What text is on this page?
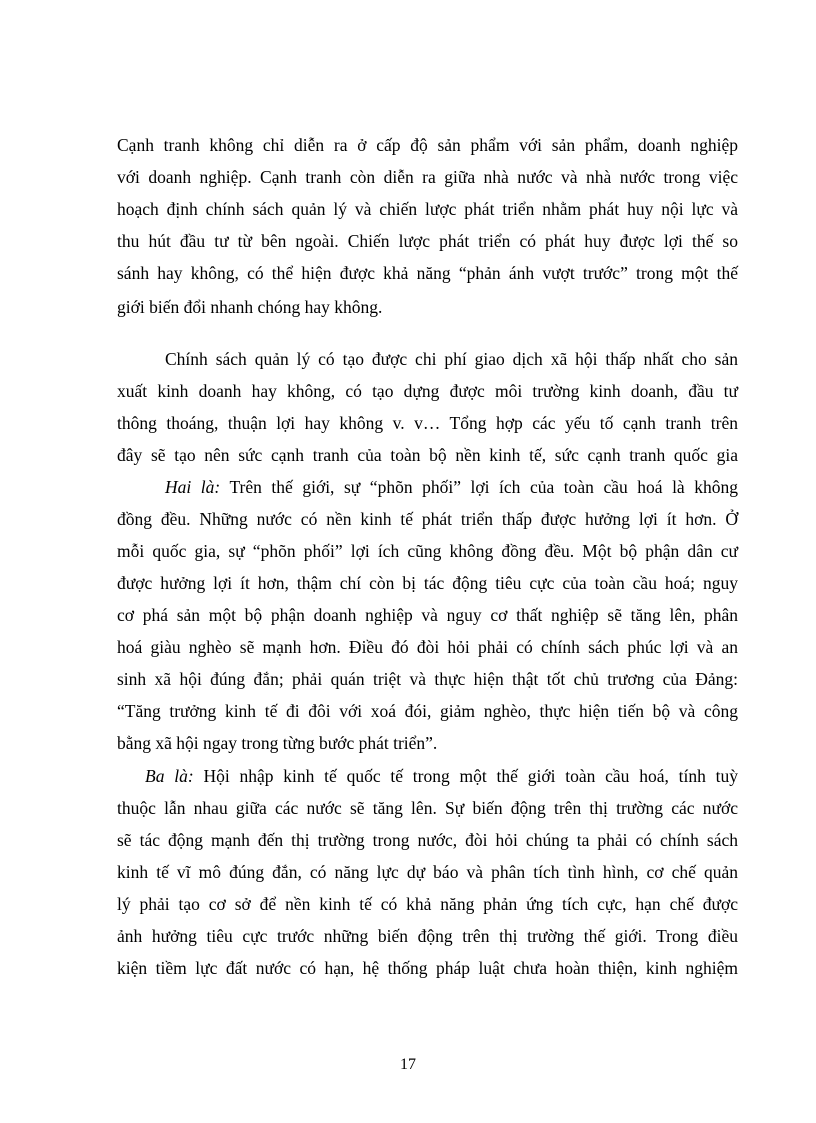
Cạnh tranh không chỉ diễn ra ở cấp độ sản phẩm với sản phẩm, doanh nghiệp
với doanh nghiệp. Cạnh tranh còn diễn ra giữa nhà nước và nhà nước trong việc
hoạch định chính sách quản lý và chiến lược phát triển nhằm phát huy nội lực và
thu hút đầu tư từ bên ngoài. Chiến lược phát triển có phát huy được lợi thế so
sánh hay không, có thể hiện được khả năng “phản ánh vượt trước” trong một thế
giới biến đổi nhanh chóng hay không.
Chính sách quản lý có tạo được chi phí giao dịch xã hội thấp nhất cho sản
xuất kinh doanh hay không, có tạo dựng được môi trường kinh doanh, đầu tư
thông thoáng, thuận lợi hay không v. v… Tổng hợp các yếu tố cạnh tranh trên
đây sẽ tạo nên sức cạnh tranh của toàn bộ nền kinh tế, sức cạnh tranh quốc gia
Hai là: Trên thế giới, sự “phõn phối” lợi ích của toàn cầu hoá là không
đồng đều. Những nước có nền kinh tế phát triển thấp được hưởng lợi ít hơn. Ở
mỗi quốc gia, sự “phõn phối” lợi ích cũng không đồng đều. Một bộ phận dân cư
được hưởng lợi ít hơn, thậm chí còn bị tác động tiêu cực của toàn cầu hoá; nguy
cơ phá sản một bộ phận doanh nghiệp và nguy cơ thất nghiệp sẽ tăng lên, phân
hoá giàu nghèo sẽ mạnh hơn. Điều đó đòi hỏi phải có chính sách phúc lợi và an
sinh xã hội đúng đắn; phải quán triệt và thực hiện thật tốt chủ trương của Đảng:
“Tăng trưởng kinh tế đi đôi với xoá đói, giảm nghèo, thực hiện tiến bộ và công
bằng xã hội ngay trong từng bước phát triển”.
Ba là: Hội nhập kinh tế quốc tế trong một thế giới toàn cầu hoá, tính tuỳ
thuộc lẫn nhau giữa các nước sẽ tăng lên. Sự biến động trên thị trường các nước
sẽ tác động mạnh đến thị trường trong nước, đòi hỏi chúng ta phải có chính sách
kinh tế vĩ mô đúng đắn, có năng lực dự báo và phân tích tình hình, cơ chế quản
lý phải tạo cơ sở để nền kinh tế có khả năng phản ứng tích cực, hạn chế được
ảnh hưởng tiêu cực trước những biến động trên thị trường thế giới. Trong điều
kiện tiềm lực đất nước có hạn, hệ thống pháp luật chưa hoàn thiện, kinh nghiệm
17
